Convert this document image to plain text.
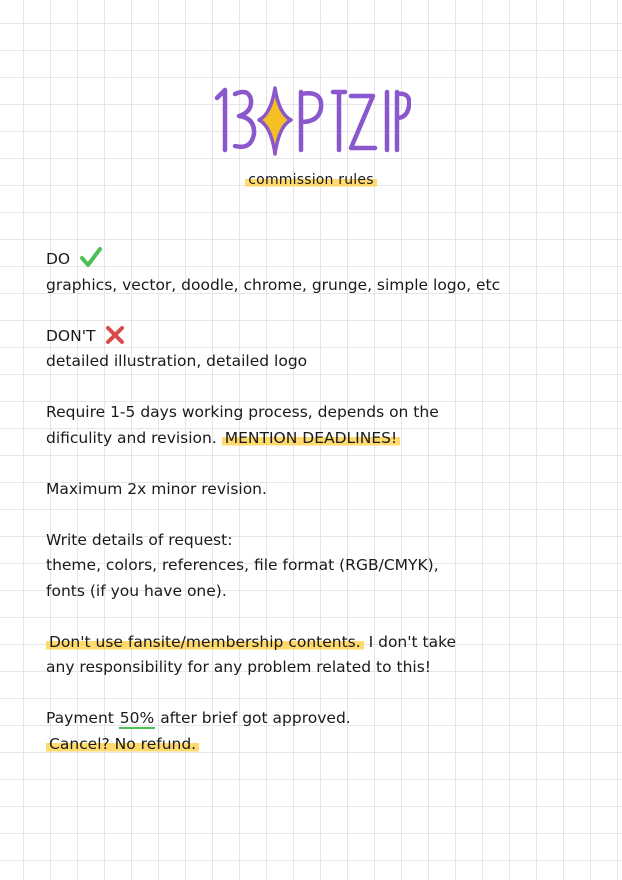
commission rules

DO

graphics, vector, doodle, chrome, grunge, simple logo, etc

DON'T

detailed illustration, detailed logo

Require 1-5 days working process, depends on the

dificulity and revision. MENTION DEADLINES!

Maximum 2x minor revision.

Write details of request:

theme, colors, references, file format (RGB/CMYK),

fonts (if you have one).

Don't use fansite/membership contents. I don't take

any responsibility for any problem related to this!

Payment 50% after brief got approved.

Cancel? No refund.
